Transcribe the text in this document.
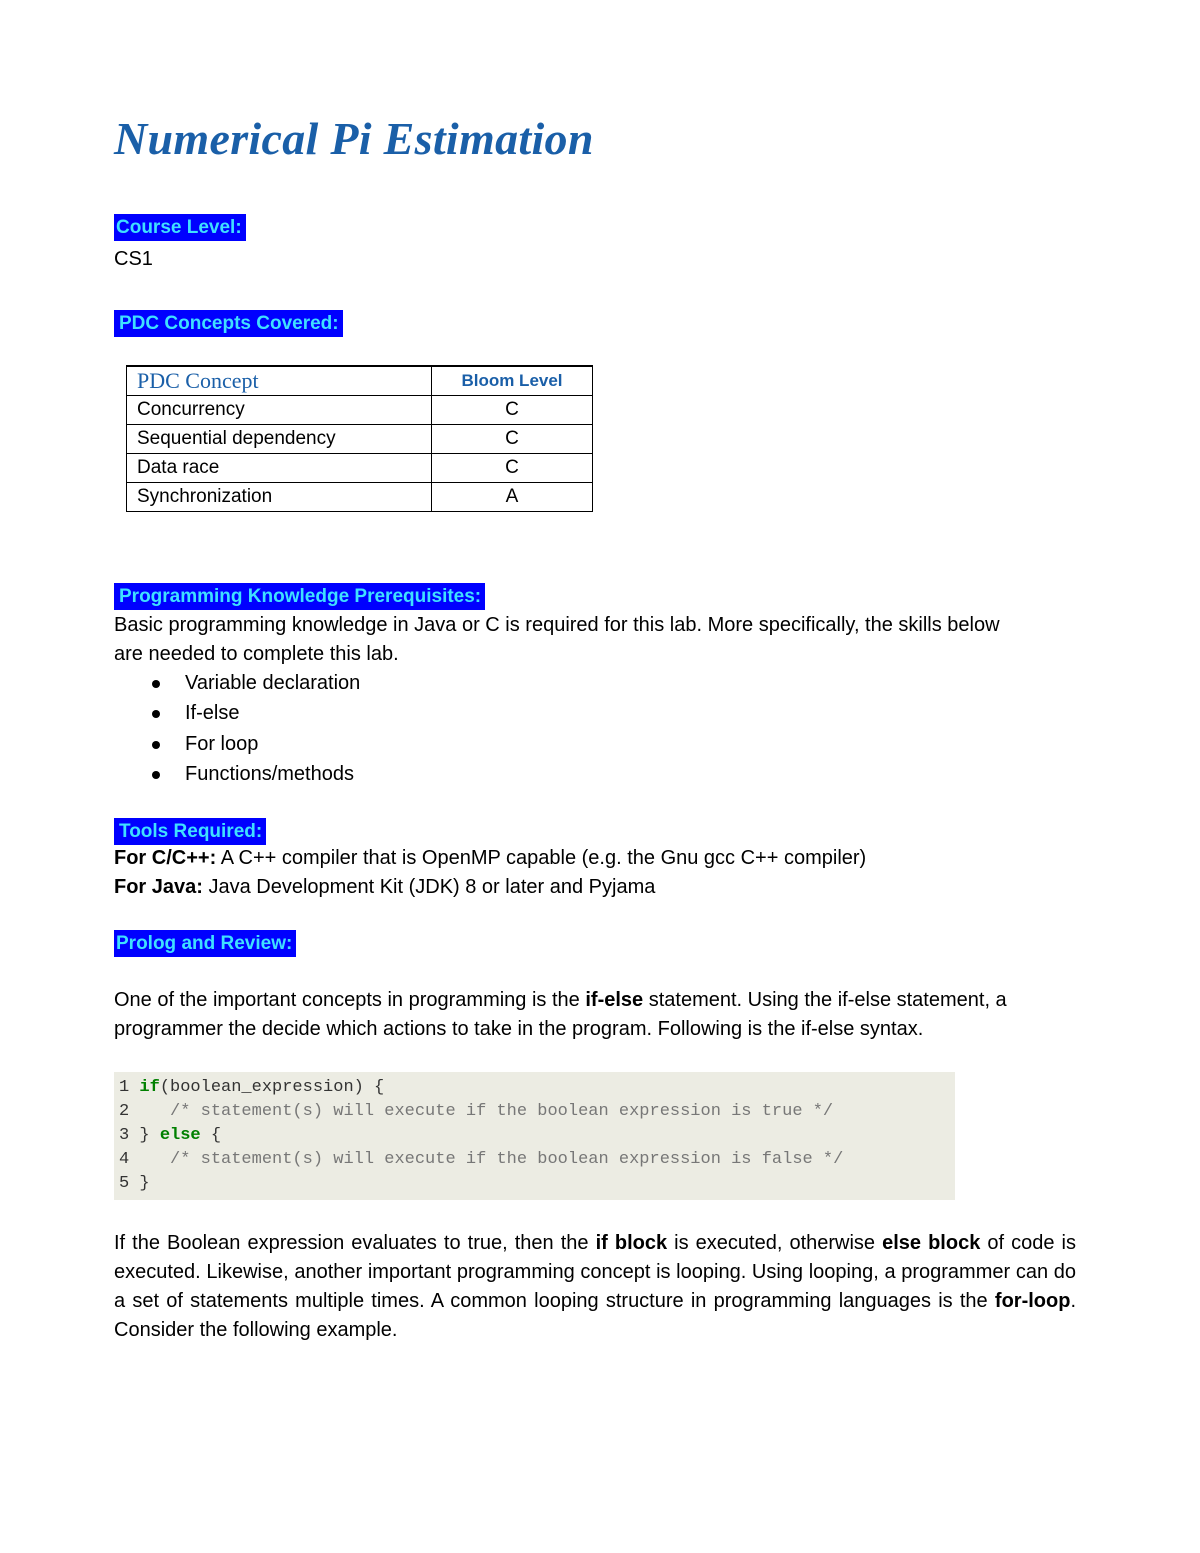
Numerical Pi Estimation
Course Level:
CS1
PDC Concepts Covered:
PDC Concept	Bloom Level
Concurrency	C
Sequential dependency	C
Data race	C
Synchronization	A
Programming Knowledge Prerequisites:
Basic programming knowledge in Java or C is required for this lab. More specifically, the skills below
are needed to complete this lab.
Variable declaration
If-else
For loop
Functions/methods
Tools Required:
For C/C++: A C++ compiler that is OpenMP capable (e.g. the Gnu gcc C++ compiler)
For Java: Java Development Kit (JDK) 8 or later and Pyjama
Prolog and Review:
One of the important concepts in programming is the if-else statement. Using the if-else statement, a programmer the decide which actions to take in the program. Following is the if-else syntax.
1 if(boolean_expression) {
2 /* statement(s) will execute if the boolean expression is true */
3 } else {
4 /* statement(s) will execute if the boolean expression is false */
5 }
If the Boolean expression evaluates to true, then the if block is executed, otherwise else block of code is executed. Likewise, another important programming concept is looping. Using looping, a programmer can do a set of statements multiple times. A common looping structure in programming languages is the for-loop. Consider the following example.
